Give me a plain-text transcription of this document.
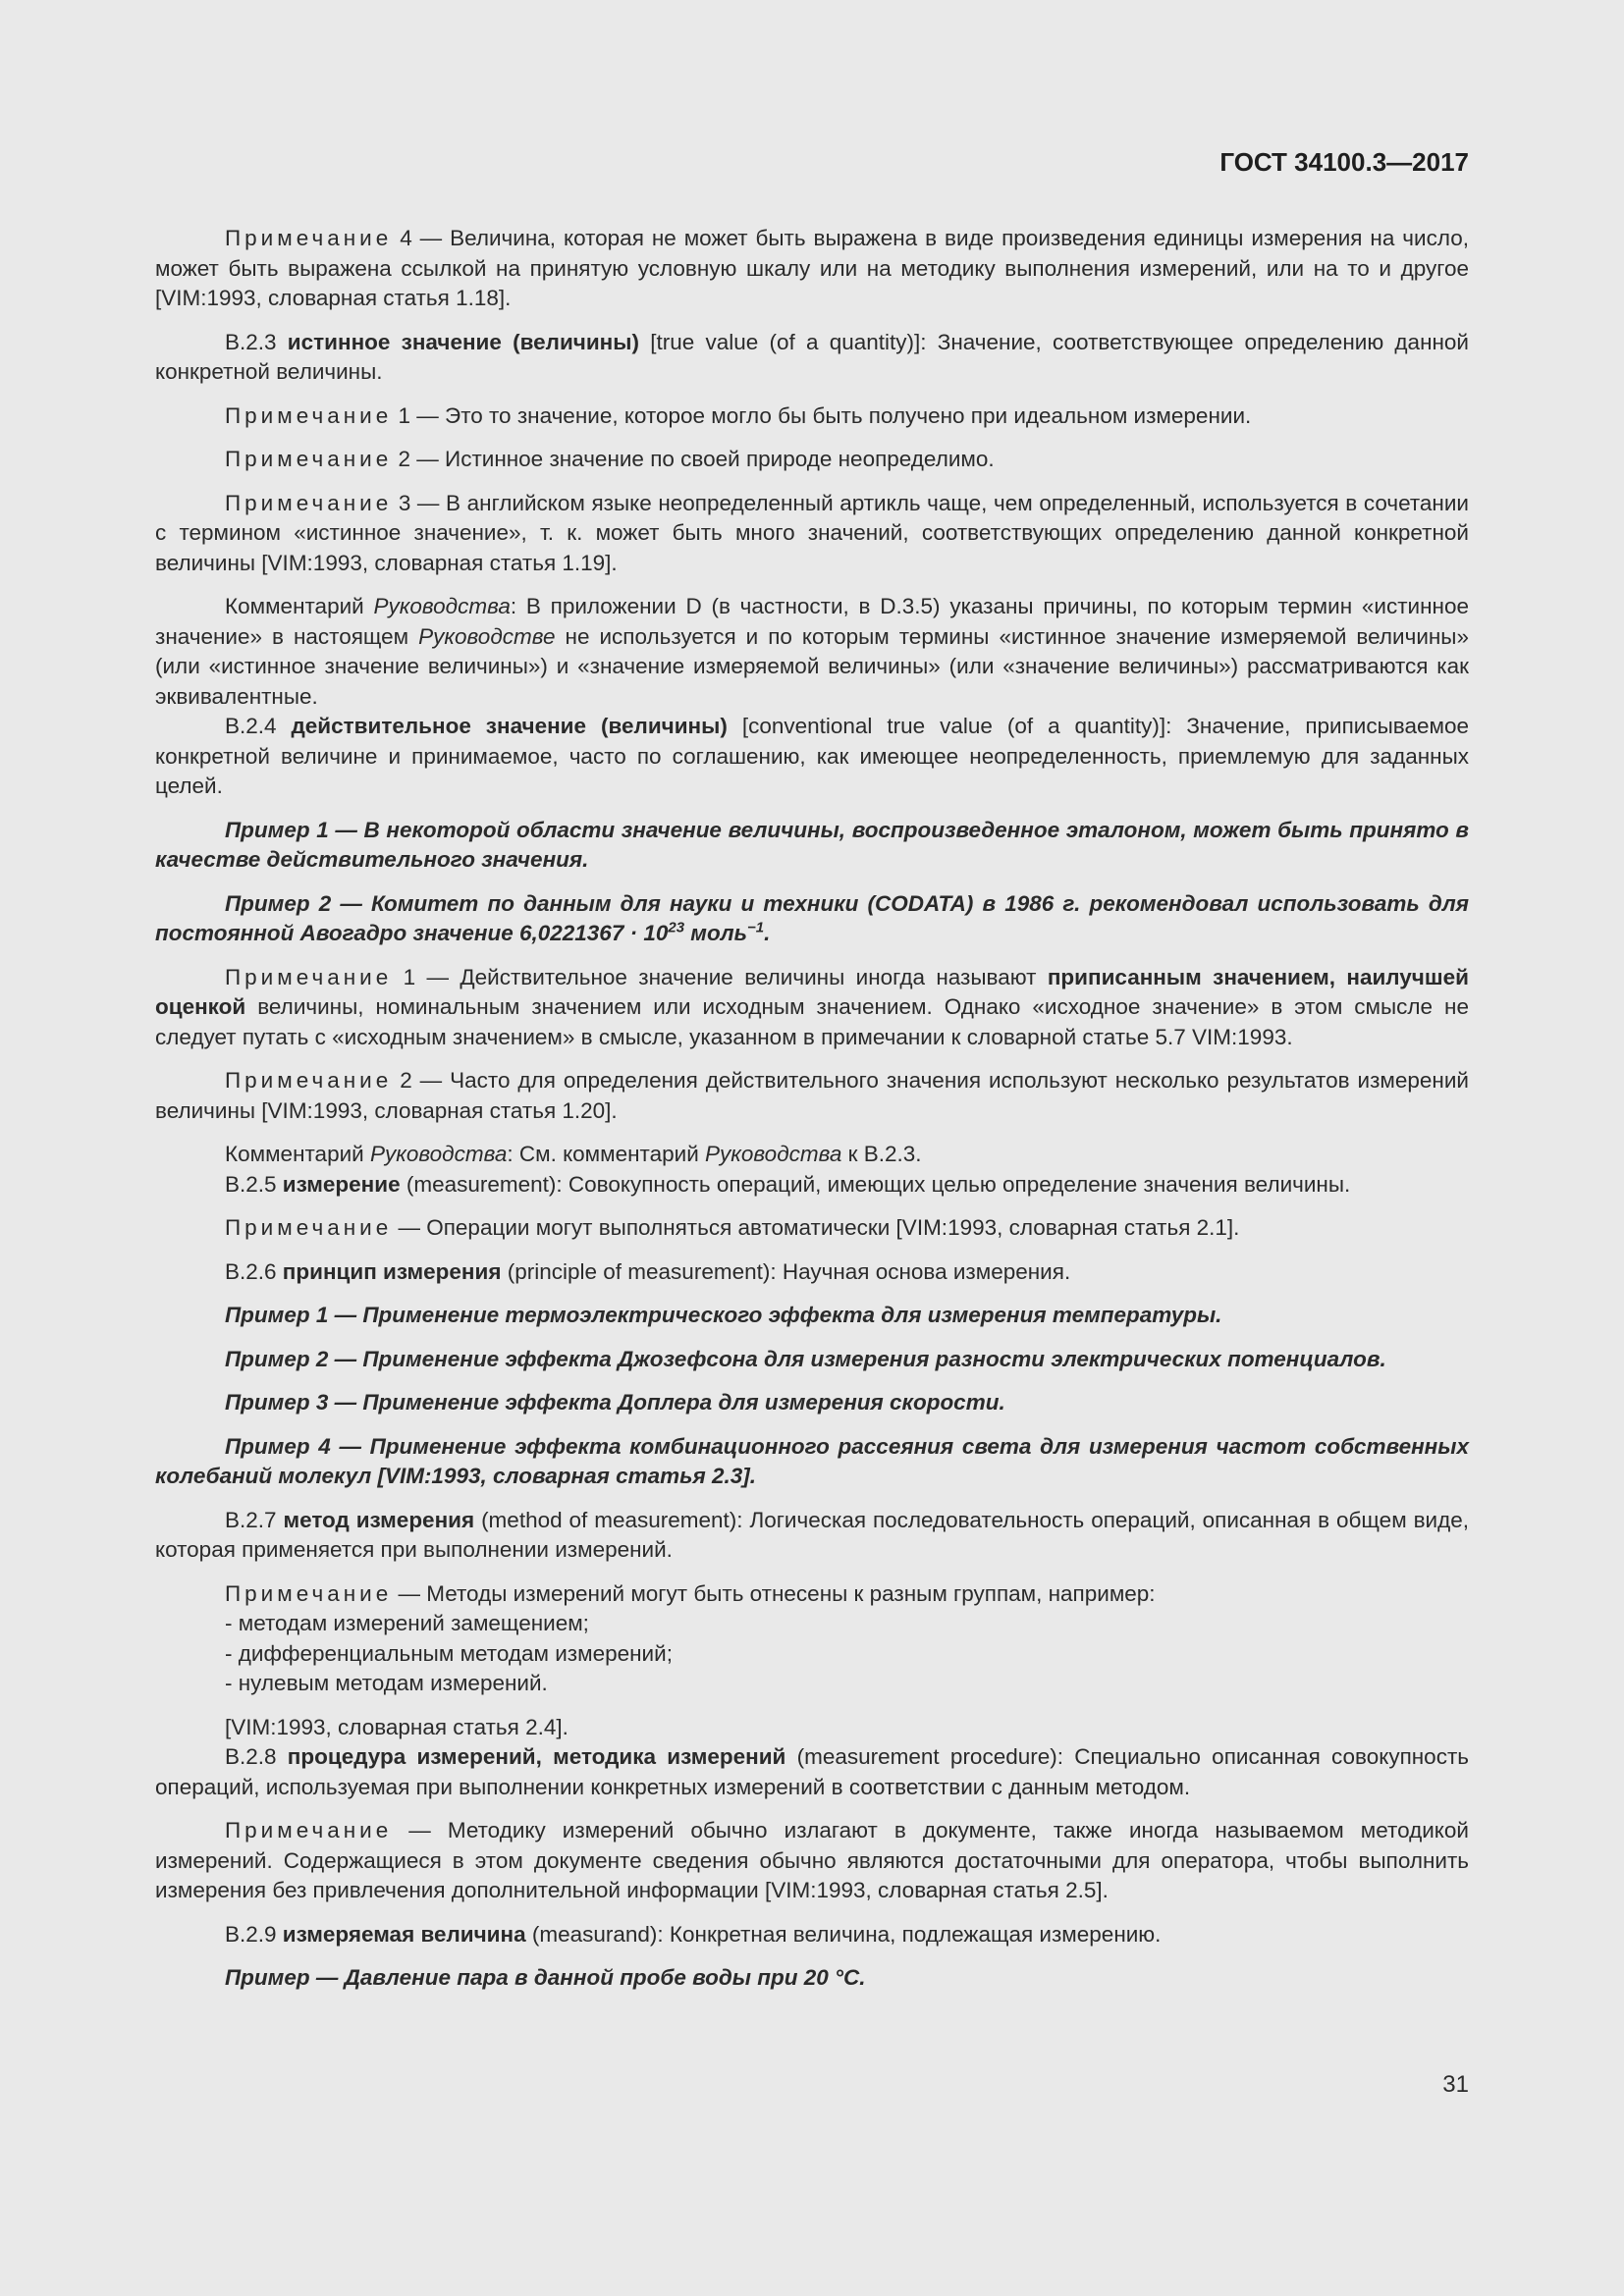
ГОСТ 34100.3—2017

Примечание 4 — Величина, которая не может быть выражена в виде произведения единицы измерения на число, может быть выражена ссылкой на принятую условную шкалу или на методику выполнения измерений, или на то и другое [VIM:1993, словарная статья 1.18].

B.2.3 истинное значение (величины) [true value (of a quantity)]: Значение, соответствующее определению данной конкретной величины.

Примечание 1 — Это то значение, которое могло бы быть получено при идеальном измерении.

Примечание 2 — Истинное значение по своей природе неопределимо.

Примечание 3 — В английском языке неопределенный артикль чаще, чем определенный, используется в сочетании с термином «истинное значение», т. к. может быть много значений, соответствующих определению данной конкретной величины [VIM:1993, словарная статья 1.19].

Комментарий Руководства: В приложении D (в частности, в D.3.5) указаны причины, по которым термин «истинное значение» в настоящем Руководстве не используется и по которым термины «истинное значение измеряемой величины» (или «истинное значение величины») и «значение измеряемой величины» (или «значение величины») рассматриваются как эквивалентные.

B.2.4 действительное значение (величины) [conventional true value (of a quantity)]: Значение, приписываемое конкретной величине и принимаемое, часто по соглашению, как имеющее неопределенность, приемлемую для заданных целей.

Пример 1 — В некоторой области значение величины, воспроизведенное эталоном, может быть принято в качестве действительного значения.

Пример 2 — Комитет по данным для науки и техники (CODATA) в 1986 г. рекомендовал использовать для постоянной Авогадро значение $6,0221367 \cdot 10^{23}$ моль$^{-1}$.

Примечание 1 — Действительное значение величины иногда называют приписанным значением, наилучшей оценкой величины, номинальным значением или исходным значением. Однако «исходное значение» в этом смысле не следует путать с «исходным значением» в смысле, указанном в примечании к словарной статье 5.7 VIM:1993.

Примечание 2 — Часто для определения действительного значения используют несколько результатов измерений величины [VIM:1993, словарная статья 1.20].

Комментарий Руководства: См. комментарий Руководства к B.2.3.

B.2.5 измерение (measurement): Совокупность операций, имеющих целью определение значения величины.

Примечание — Операции могут выполняться автоматически [VIM:1993, словарная статья 2.1].

B.2.6 принцип измерения (principle of measurement): Научная основа измерения.

Пример 1 — Применение термоэлектрического эффекта для измерения температуры.

Пример 2 — Применение эффекта Джозефсона для измерения разности электрических потенциалов.

Пример 3 — Применение эффекта Доплера для измерения скорости.

Пример 4 — Применение эффекта комбинационного рассеяния света для измерения частот собственных колебаний молекул [VIM:1993, словарная статья 2.3].

B.2.7 метод измерения (method of measurement): Логическая последовательность операций, описанная в общем виде, которая применяется при выполнении измерений.

Примечание — Методы измерений могут быть отнесены к разным группам, например:

- методам измерений замещением;
- дифференциальным методам измерений;
- нулевым методам измерений.

[VIM:1993, словарная статья 2.4].

B.2.8 процедура измерений, методика измерений (measurement procedure): Специально описанная совокупность операций, используемая при выполнении конкретных измерений в соответствии с данным методом.

Примечание — Методику измерений обычно излагают в документе, также иногда называемом методикой измерений. Содержащиеся в этом документе сведения обычно являются достаточными для оператора, чтобы выполнить измерения без привлечения дополнительной информации [VIM:1993, словарная статья 2.5].

B.2.9 измеряемая величина (measurand): Конкретная величина, подлежащая измерению.

Пример — Давление пара в данной пробе воды при 20 °C.

31
